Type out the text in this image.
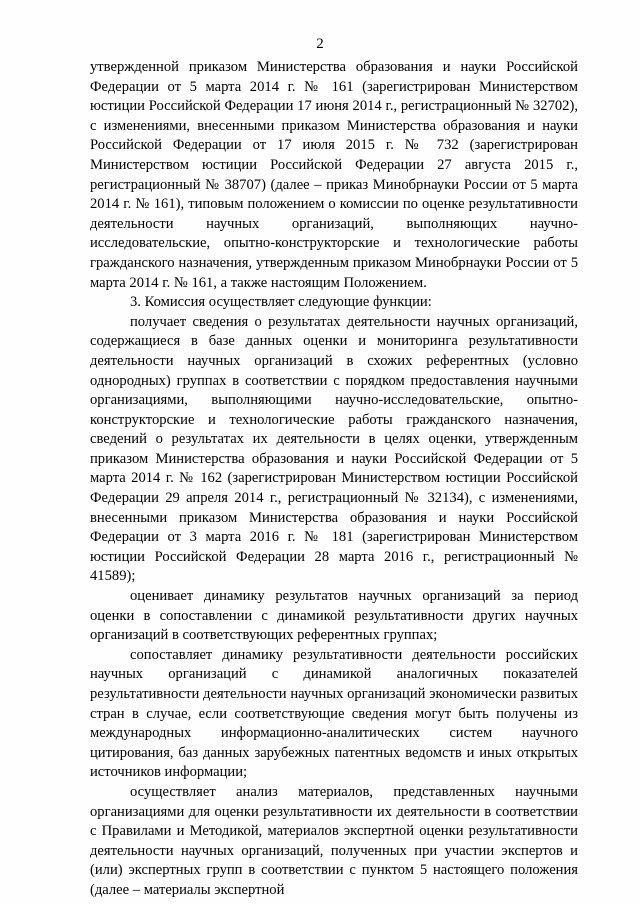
2

утвержденной приказом Министерства образования и науки Российской Федерации от 5 марта 2014 г. № 161 (зарегистрирован Министерством юстиции Российской Федерации 17 июня 2014 г., регистрационный № 32702), с изменениями, внесенными приказом Министерства образования и науки Российской Федерации от 17 июля 2015 г. № 732 (зарегистрирован Министерством юстиции Российской Федерации 27 августа 2015 г., регистрационный № 38707) (далее – приказ Минобрнауки России от 5 марта 2014 г. № 161), типовым положением о комиссии по оценке результативности деятельности научных организаций, выполняющих научно-исследовательские, опытно-конструкторские и технологические работы гражданского назначения, утвержденным приказом Минобрнауки России от 5 марта 2014 г. № 161, а также настоящим Положением.

3. Комиссия осуществляет следующие функции:

получает сведения о результатах деятельности научных организаций, содержащиеся в базе данных оценки и мониторинга результативности деятельности научных организаций в схожих референтных (условно однородных) группах в соответствии с порядком предоставления научными организациями, выполняющими научно-исследовательские, опытно-конструкторские и технологические работы гражданского назначения, сведений о результатах их деятельности в целях оценки, утвержденным приказом Министерства образования и науки Российской Федерации от 5 марта 2014 г. № 162 (зарегистрирован Министерством юстиции Российской Федерации 29 апреля 2014 г., регистрационный № 32134), с изменениями, внесенными приказом Министерства образования и науки Российской Федерации от 3 марта 2016 г. № 181 (зарегистрирован Министерством юстиции Российской Федерации 28 марта 2016 г., регистрационный № 41589);

оценивает динамику результатов научных организаций за период оценки в сопоставлении с динамикой результативности других научных организаций в соответствующих референтных группах;

сопоставляет динамику результативности деятельности российских научных организаций с динамикой аналогичных показателей результативности деятельности научных организаций экономически развитых стран в случае, если соответствующие сведения могут быть получены из международных информационно-аналитических систем научного цитирования, баз данных зарубежных патентных ведомств и иных открытых источников информации;

осуществляет анализ материалов, представленных научными организациями для оценки результативности их деятельности в соответствии с Правилами и Методикой, материалов экспертной оценки результативности деятельности научных организаций, полученных при участии экспертов и (или) экспертных групп в соответствии с пунктом 5 настоящего положения (далее – материалы экспертной
